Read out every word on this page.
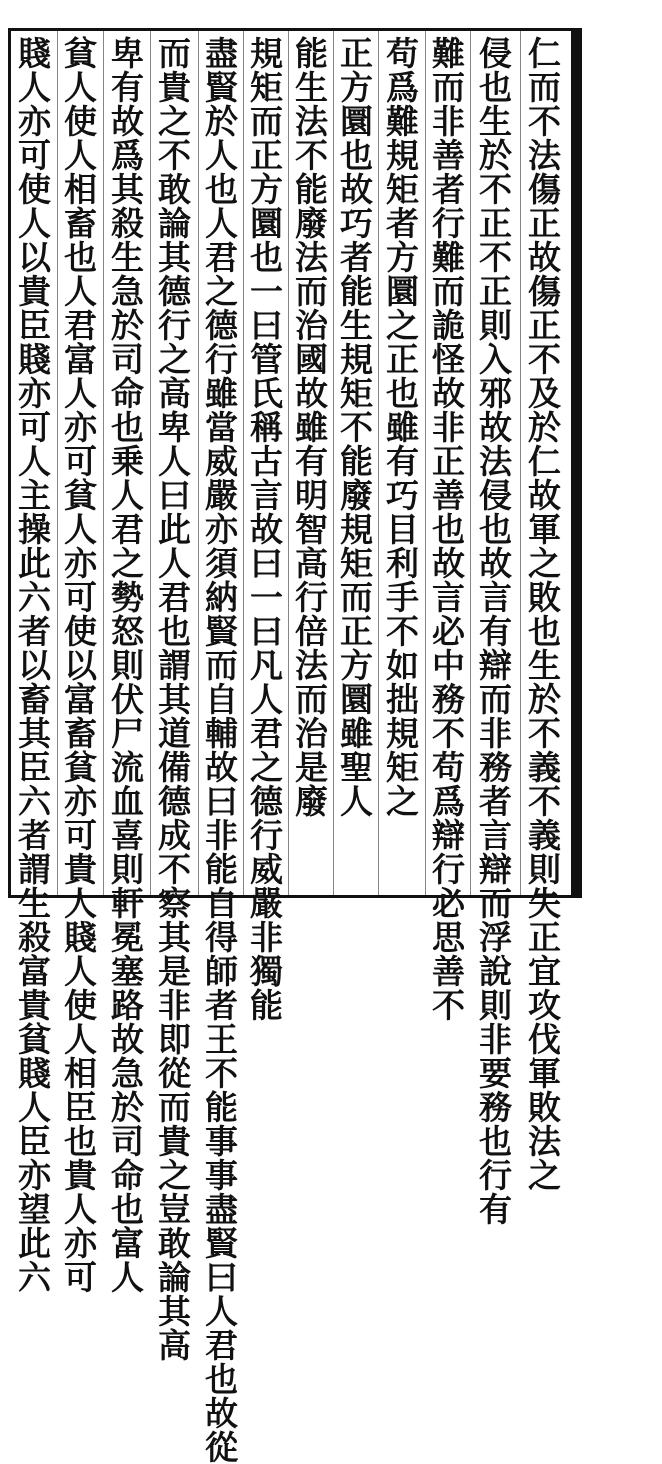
仁而不法傷正故傷正不及於仁故軍之敗也生於不義不義則失正宜攻伐軍敗法之
侵也生於不正不正則入邪故法侵也故言有辯而非務者言辯而浮說則非要務也行有
難而非善者行難而詭怪故非正善也故言必中務不苟爲辯行必思善不
苟爲難規矩者方圜之正也雖有巧目利手不如拙規矩之
正方圜也故巧者能生規矩不能廢規矩而正方圜雖聖人
能生法不能廢法而治國故雖有明智高行倍法而治是廢
規矩而正方圜也一曰管氏稱古言故曰一曰凡人君之德行威嚴非獨能
盡賢於人也人君之德行雖當威嚴亦須納賢而自輔故曰非能自得師者王不能事事盡賢曰人君也故從
而貴之不敢論其德行之高卑人曰此人君也謂其道備德成不察其是非即從而貴之豈敢論其高
卑有故爲其殺生急於司命也乗人君之勢怒則伏尸流血喜則軒冕塞路故急於司命也富人
貧人使人相畜也人君富人亦可貧人亦可使以富畜貧亦可貴人賤人使人相臣也貴人亦可
賤人亦可使人以貴臣賤亦可人主操此六者以畜其臣六者謂生殺富貴貧賤人臣亦望此六
